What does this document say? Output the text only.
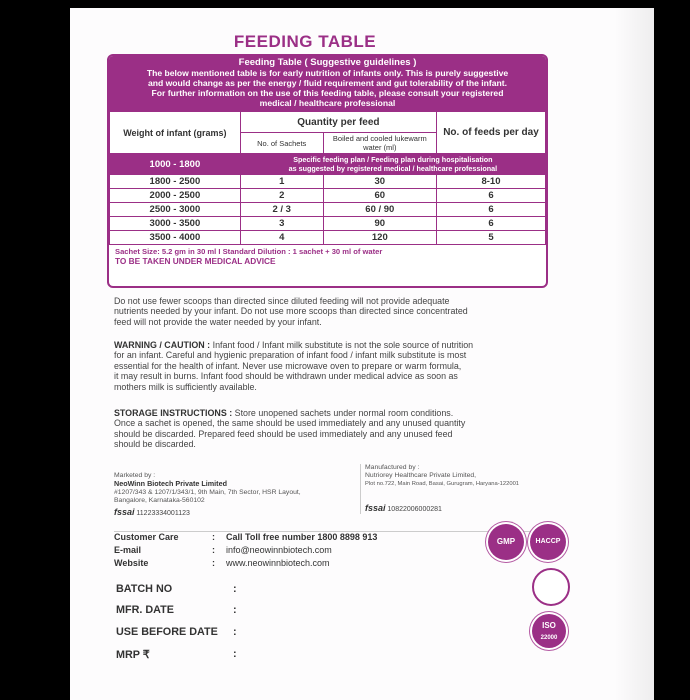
FEEDING TABLE
Feeding Table ( Suggestive guidelines )
The below mentioned table is for early nutrition of infants only. This is purely suggestive
and would change as per the energy / fluid requirement and gut tolerability of the infant.
For further information on the use of this feeding table, please consult your registered
medical / healthcare professional
Weight of infant (grams)	Quantity per feed		No. of feeds per day
	No. of Sachets	Boiled and cooled lukewarm water (ml)	
1000 - 1800	Specific feeding plan / Feeding plan during hospitalisation
as suggested by registered medical / healthcare professional		

1800 - 2500	1	30	8-10
2000 - 2500	2	60	6
2500 - 3000	2 / 3	60 / 90	6
3000 - 3500	3	90	6
3500 - 4000	4	120	5
Sachet Size: 5.2 gm in 30 ml I Standard Dilution : 1 sachet + 30 ml of water
TO BE TAKEN UNDER MEDICAL ADVICE
Do not use fewer scoops than directed since diluted feeding will not provide adequate
nutrients needed by your infant. Do not use more scoops than directed since concentrated
feed will not provide the water needed by your infant.
WARNING / CAUTION : Infant food / Infant milk substitute is not the sole source of nutrition
for an infant. Careful and hygienic preparation of infant food / infant milk substitute is most
essential for the health of infant. Never use microwave oven to prepare or warm formula,
it may result in burns. Infant food should be withdrawn under medical advice as soon as
mothers milk is sufficiently available.
STORAGE INSTRUCTIONS : Store unopened sachets under normal room conditions.
Once a sachet is opened, the same should be used immediately and any unused quantity
should be discarded. Prepared feed should be used immediately and any unused feed
should be discarded.
Marketed by :
NeoWinn Biotech Private Limited
#1207/343 & 1207/1/343/1, 9th Main, 7th Sector, HSR Layout,
Bangalore, Karnataka-560102
fssai 11223334001123
Manufactured by :
Nutriorey Healthcare Private Limited,
Plot no.722, Main Road, Basai, Gurugram, Haryana-122001
fssai 10822006000281
Customer Care	: Call Toll free number 1800 8898 913
E-mail	: info@neowinnbiotech.com
Website	: www.neowinnbiotech.com
BATCH NO	:
MFR. DATE	:
USE BEFORE DATE :
MRP ₹	:
GMP	HACCP
ISO
22000
